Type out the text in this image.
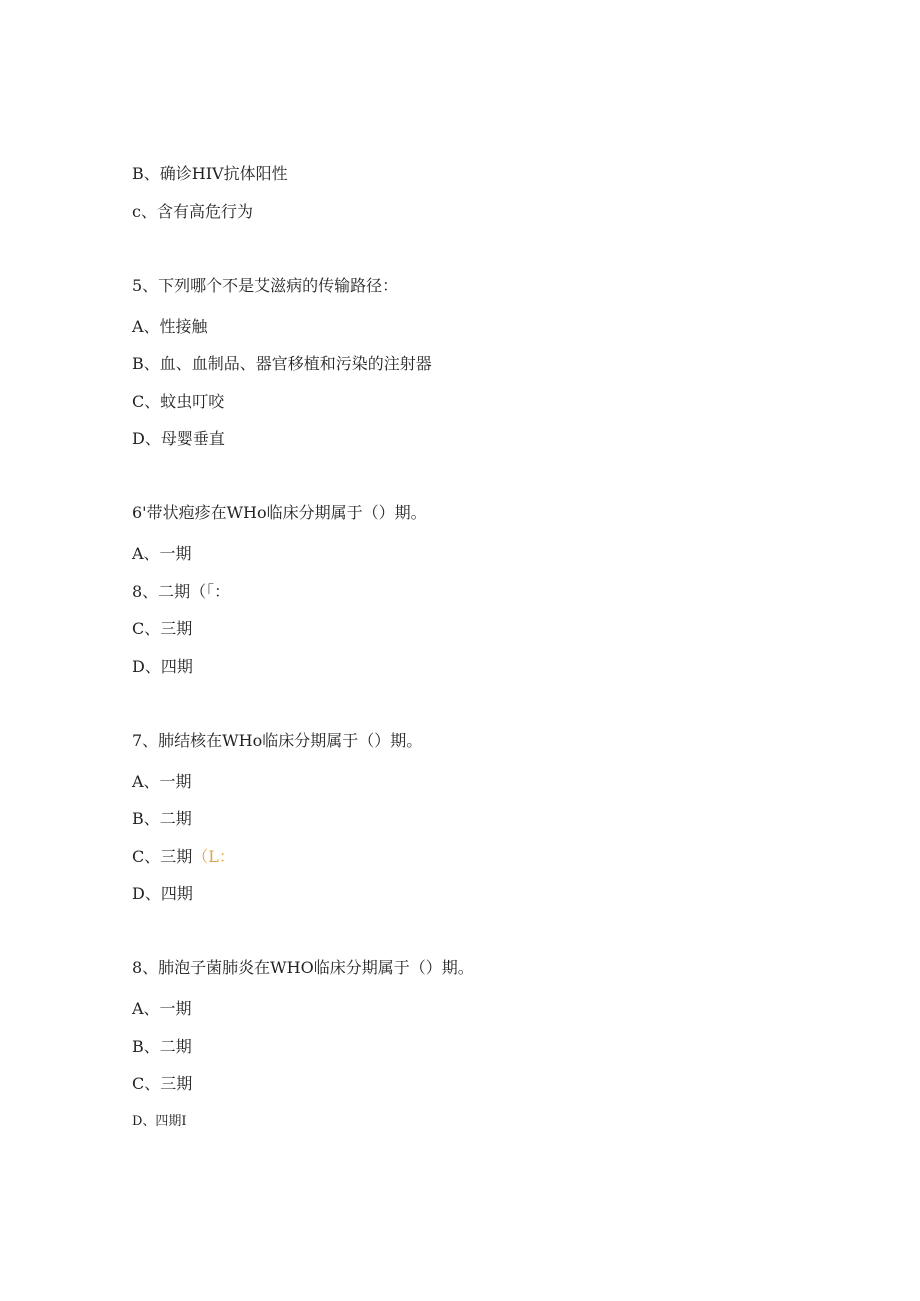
B、确诊HIV抗体阳性
c、含有高危行为
5、下列哪个不是艾滋病的传输路径：
A、性接触
B、血、血制品、器官移植和污染的注射器
C、蚊虫叮咬
D、母婴垂直
6'带状疱疹在WHo临床分期属于（）期。
A、一期
8、二期（「：
C、三期
D、四期
7、肺结核在WHo临床分期属于（）期。
A、一期
B、二期
C、三期（L：
D、四期
8、肺泡子菌肺炎在WHO临床分期属于（）期。
A、一期
B、二期
C、三期
D、四期I
